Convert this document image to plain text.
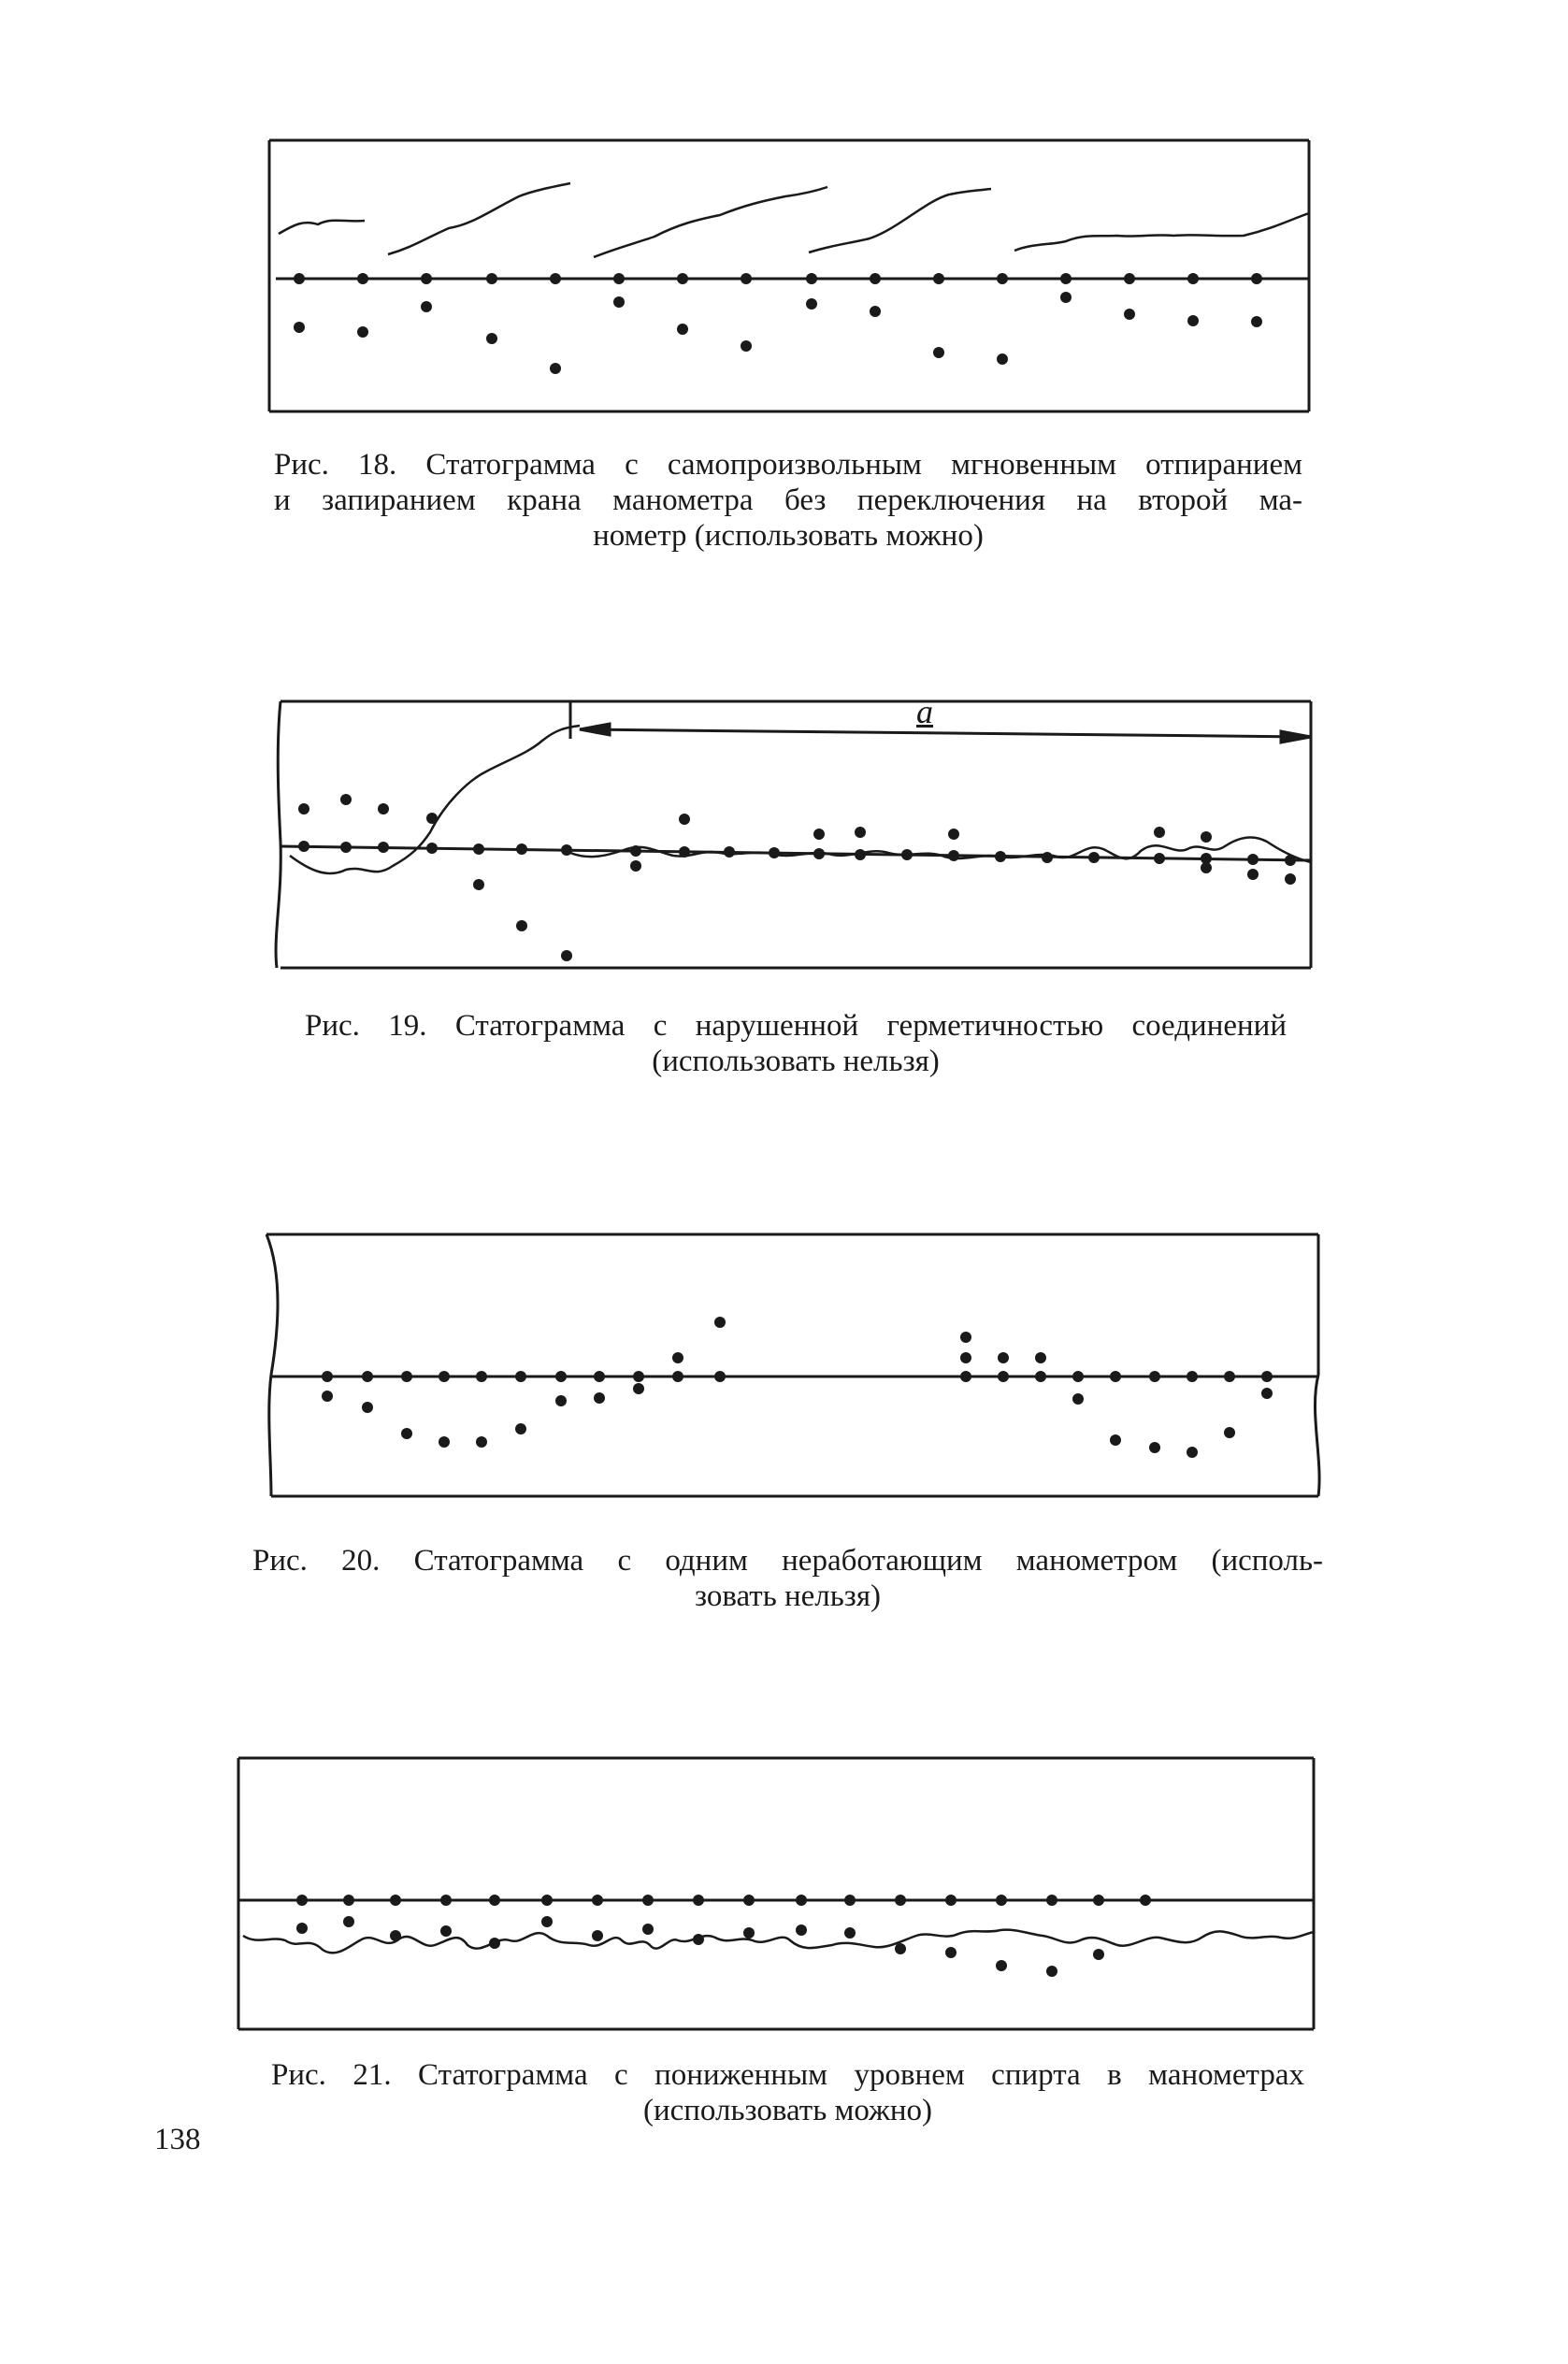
Рис. 18. Статограмма с самопроизвольным мгновенным отпиранием
и запиранием крана манометра без переключения на второй ма-
нометр (использовать можно)
a
Рис. 19. Статограмма с нарушенной герметичностью соединений
(использовать нельзя)
Рис. 20. Статограмма с одним неработающим манометром (исполь-
зовать нельзя)
Рис. 21. Статограмма с пониженным уровнем спирта в манометрах
(использовать можно)
138
